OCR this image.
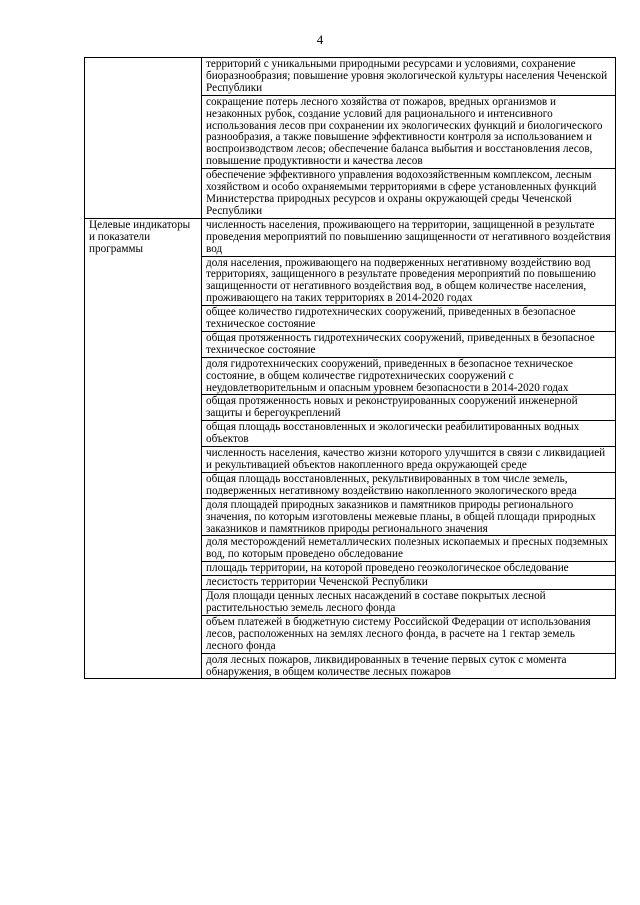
4
	территорий с уникальными природными ресурсами и условиями, сохранение биоразнообразия; повышение уровня экологической культуры населения Чеченской Республики
	сокращение потерь лесного хозяйства от пожаров, вредных организмов и незаконных рубок, создание условий для рационального и интенсивного использования лесов при сохранении их экологических функций и биологического разнообразия, а также повышение эффективности контроля за использованием и воспроизводством лесов; обеспечение баланса выбытия и восстановления лесов, повышение продуктивности и качества лесов
	обеспечение эффективного управления водохозяйственным комплексом, лесным хозяйством и особо охраняемыми территориями в сфере установленных функций Министерства природных ресурсов и охраны окружающей среды Чеченской Республики
Целевые индикаторы и показатели программы	численность населения, проживающего на территории, защищенной в результате проведения мероприятий по повышению защищенности от негативного воздействия вод
	доля населения, проживающего на подверженных негативному воздействию вод территориях, защищенного в результате проведения мероприятий по повышению защищенности от негативного воздействия вод, в общем количестве населения, проживающего на таких территориях в 2014-2020 годах
	общее количество гидротехнических сооружений, приведенных в безопасное техническое состояние
	общая протяженность гидротехнических сооружений, приведенных в безопасное техническое состояние
	доля гидротехнических сооружений, приведенных в безопасное техническое состояние, в общем количестве гидротехнических сооружений с неудовлетворительным и опасным уровнем безопасности в 2014-2020 годах
	общая протяженность новых и реконструированных сооружений инженерной защиты и берегоукреплений
	общая площадь восстановленных и экологически реабилитированных водных объектов
	численность населения, качество жизни которого улучшится в связи с ликвидацией и рекультивацией объектов накопленного вреда окружающей среде
	общая площадь восстановленных, рекультивированных в том числе земель, подверженных негативному воздействию накопленного экологического вреда
	доля площадей природных заказников и памятников природы регионального значения, по которым изготовлены межевые планы, в общей площади природных заказников и памятников природы регионального значения
	доля месторождений неметаллических полезных ископаемых и пресных подземных вод, по которым проведено обследование
	площадь территории, на которой проведено геоэкологическое обследование
	лесистость территории Чеченской Республики
	Доля площади ценных лесных насаждений в составе покрытых лесной растительностью земель лесного фонда
	объем платежей в бюджетную систему Российской Федерации от использования лесов, расположенных на землях лесного фонда, в расчете на 1 гектар земель лесного фонда
	доля лесных пожаров, ликвидированных в течение первых суток с момента обнаружения, в общем количестве лесных пожаров
